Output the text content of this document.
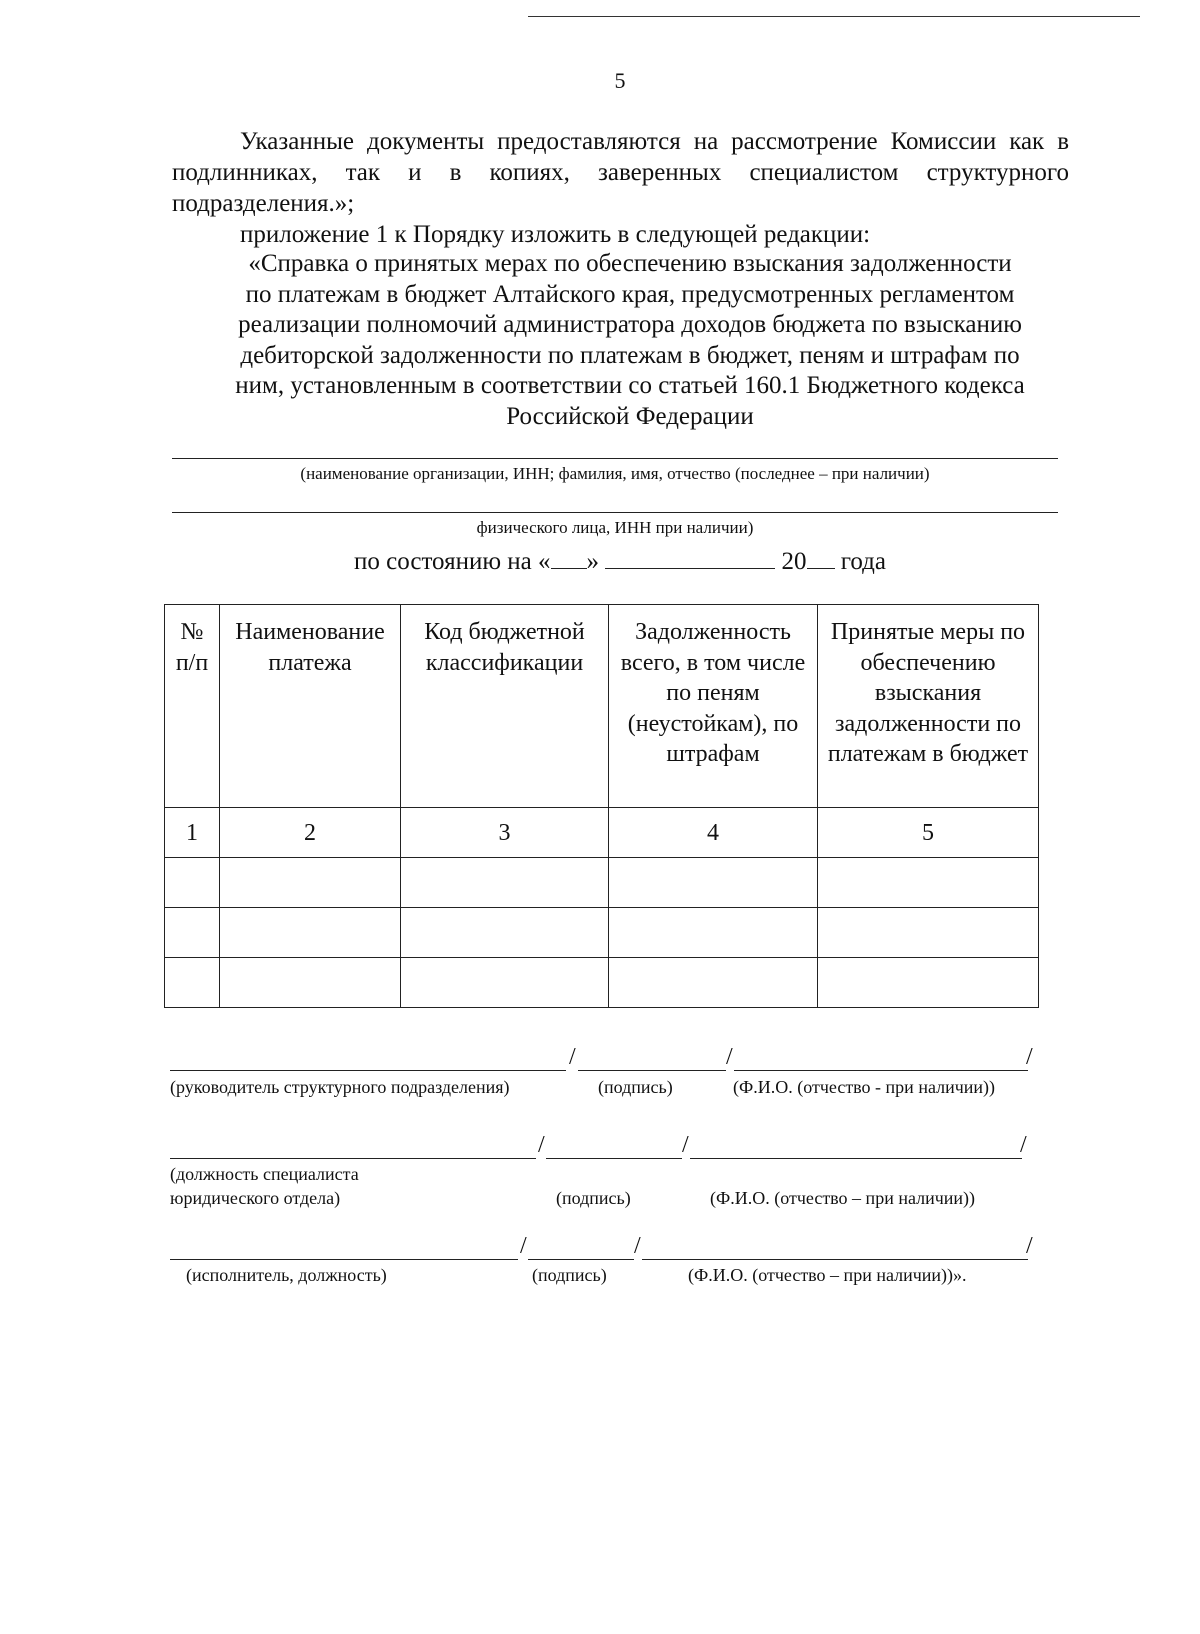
5
Указанные документы предоставляются на рассмотрение Комиссии как в подлинниках, так и в копиях, заверенных специалистом структурного подразделения.»;
приложение 1 к Порядку изложить в следующей редакции:
«Справка о принятых мерах по обеспечению взыскания задолженности
по платежам в бюджет Алтайского края, предусмотренных регламентом
реализации полномочий администратора доходов бюджета по взысканию
дебиторской задолженности по платежам в бюджет, пеням и штрафам по
ним, установленным в соответствии со статьей 160.1 Бюджетного кодекса
Российской Федерации
(наименование организации, ИНН; фамилия, имя, отчество (последнее – при наличии)
физического лица, ИНН при наличии)
по состоянию на « »	20 года
№ п/п	Наименование платежа	Код бюджетной классификации	Задолженность всего, в том числе по пеням (неустойкам), по штрафам	Принятые меры по обеспечению взыскания задолженности по платежам в бюджет
1	2	3	4	5

/	/	/
(руководитель структурного подразделения)	(подпись)	(Ф.И.О. (отчество - при наличии))
/	/	/
(должность специалиста
юридического отдела)	(подпись)	(Ф.И.О. (отчество – при наличии))
/	/	/
(исполнитель, должность)	(подпись)	(Ф.И.О. (отчество – при наличии))».
